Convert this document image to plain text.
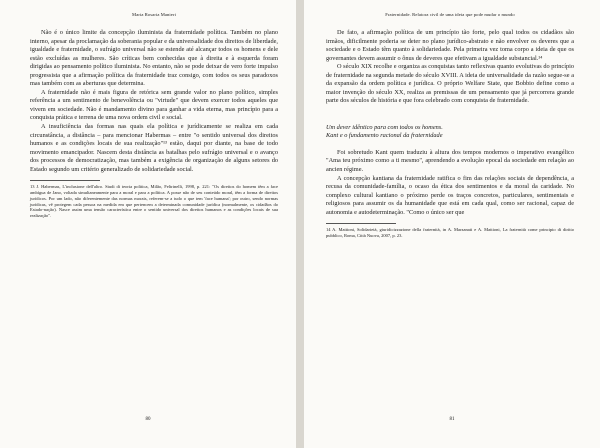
Maria Rosaria Manieri

Não é o único limite da concepção iluminista da fraternidade política. Também no plano interno, apesar da proclamação da soberania popular e da universalidade dos direitos de liberdade, igualdade e fraternidade, o sufrágio universal não se estende até alcançar todos os homens e dele estão excluídas as mulheres. São críticas bem conhecidas que à direita e à esquerda foram dirigidas ao pensamento político iluminista. No entanto, não se pode deixar de vero forte impulso progressista que a afirmação política da fraternidade traz consigo, com todos os seus paradoxos mas também com as aberturas que determina.

A fraternidade não é mais figura de retórica sem grande valor no plano político, simples referência a um sentimento de benevolência ou "virtude" que devem exercer todos aqueles que vivem em sociedade. Não é mandamento divino para ganhar a vida eterna, mas princípio para a conquista prática e terrena de uma nova ordem civil e social.

A insuficiência das formas nas quais ela política e jurídicamente se realiza em cada circunstância, a distância – para mencionar Habermas – entre "o sentido universal dos direitos humanos e as condições locais de sua realização"¹³ estão, daqui por diante, na base de todo movimento emancipador. Nascem desta distância as batalhas pelo sufrágio universal e o avanço dos processos de democratização, mas também a exigência de organização de alguns setores do Estado segundo um critério generalizado de solidariedade social.

13 J. Habermas, L'inclusione dell'altro. Studi di teoria politica, Milão, Feltrinelli, 1998, p. 221: "Os direitos do homem têm a face ambígua de Jano, voltada simultaneamente para a moral e para a política. A posse não de seu conteúdo moral, têm a forma de direitos jurídicos. Por um lado, não diferentemente das normas morais, referem-se a tudo o que tem 'face humana'; por outro, sendo normas jurídicas, vê protegem cada pessoa na medida em que pertencem a determinada comunidade jurídica (normalmente, os cidadãos do Estado-nação). Nasce assim uma tensão característica entre o sentido universal dos direitos humanos e as condições locais de sua realização".

80
Fraternidade. Relatora civil de uma ideia que pode mudar o mundo

De fato, a afirmação política de um princípio tão forte, pelo qual todos os cidadãos são irmãos, dificilmente poderia se deter no plano jurídico-abstrato e não envolver os deveres que a sociedade e o Estado têm quanto à solidariedade. Pela primeira vez toma corpo a ideia de que os governantes devem assumir o ônus de deveres que efetivam a igualdade substancial.¹⁴

O século XIX recolhe e organiza as conquistas tanto reflexivas quanto evolutivas do princípio de fraternidade na segunda metade do século XVIII. A ideia de universalidade da razão segue-se a da expansão da ordem política e jurídica. O próprio Welfare State, que Bobbio define como a maior invenção do século XX, realiza as premissas de um pensamento que já percorrera grande parte dos séculos de história e que fora celebrado com conquista de fraternidade.

Um dever idêntico para com todos os homens.
Kant e o fundamento racional da fraternidade

Foi sobretudo Kant quem traduziu à altura dos tempos modernos o imperativo evangélico "Ama teu próximo como a ti mesmo", aprendendo a evolução epocal da sociedade em relação ao ancien régime.

A concepção kantiana da fraternidade ratifica o fim das relações sociais de dependência, a recusa da comunidade-família, o ocaso da ética dos sentimentos e da moral da caridade. No complexo cultural kantiano o próximo perde os traços concretos, particulares, sentimentais e religiosos para assumir os da humanidade que está em cada qual, como ser racional, capaz de autonomia e autodeterminação. "Como o único ser que

14 A. Mattioni, Solidarietà, giuridicizzazione della fraternità, in A. Marzanati e A. Mattioni, La fraternità come principio di diritto pubblico, Roma, Città Nuova, 2007, p. 23.

81
